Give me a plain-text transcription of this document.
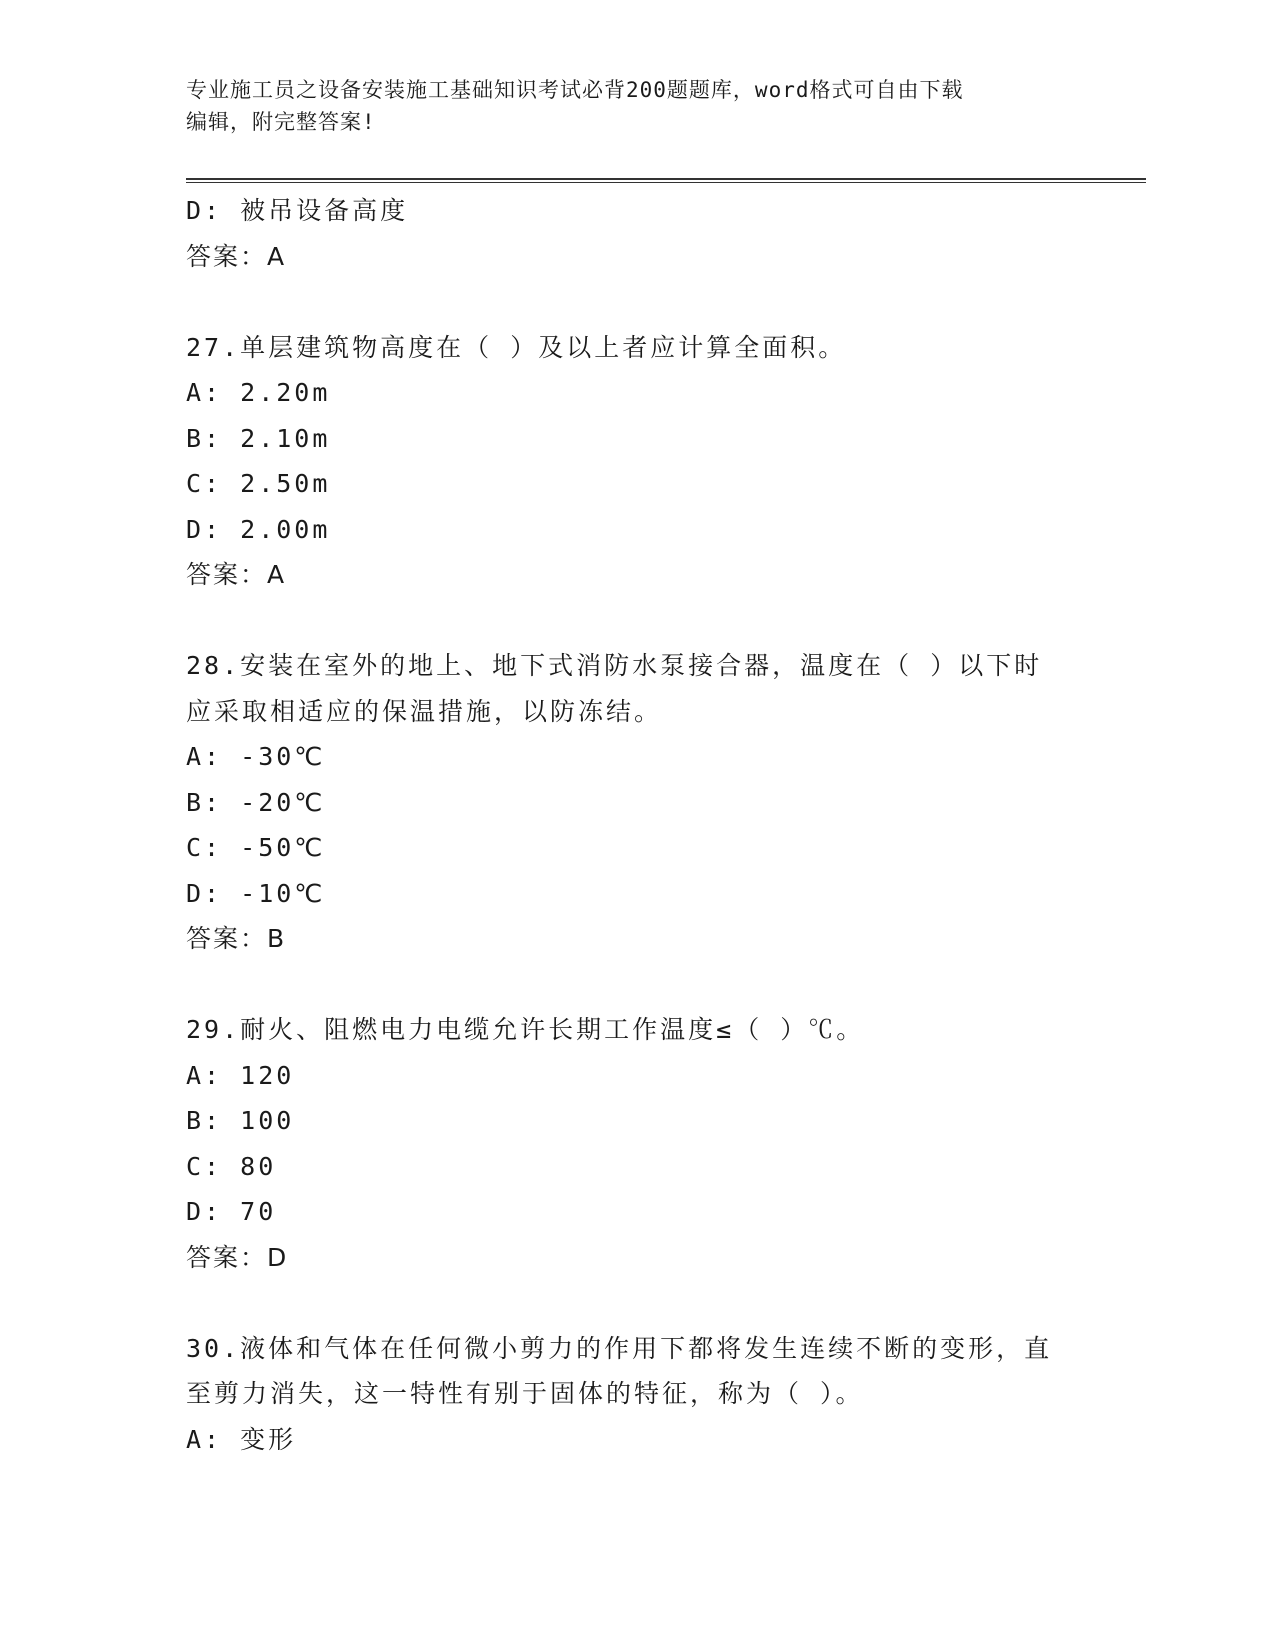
专业施工员之设备安装施工基础知识考试必背200题题库，word格式可自由下载
编辑，附完整答案!
D: 被吊设备高度
答案：A
27.单层建筑物高度在（ ）及以上者应计算全面积。
A: 2.20m
B: 2.10m
C: 2.50m
D: 2.00m
答案：A
28.安装在室外的地上、地下式消防水泵接合器，温度在（ ）以下时
应采取相适应的保温措施，以防冻结。
A: -30℃
B: -20℃
C: -50℃
D: -10℃
答案：B
29.耐火、阻燃电力电缆允许长期工作温度≤（ ）℃。
A: 120
B: 100
C: 80
D: 70
答案：D
30.液体和气体在任何微小剪力的作用下都将发生连续不断的变形，直
至剪力消失，这一特性有别于固体的特征，称为（ ）。
A: 变形
